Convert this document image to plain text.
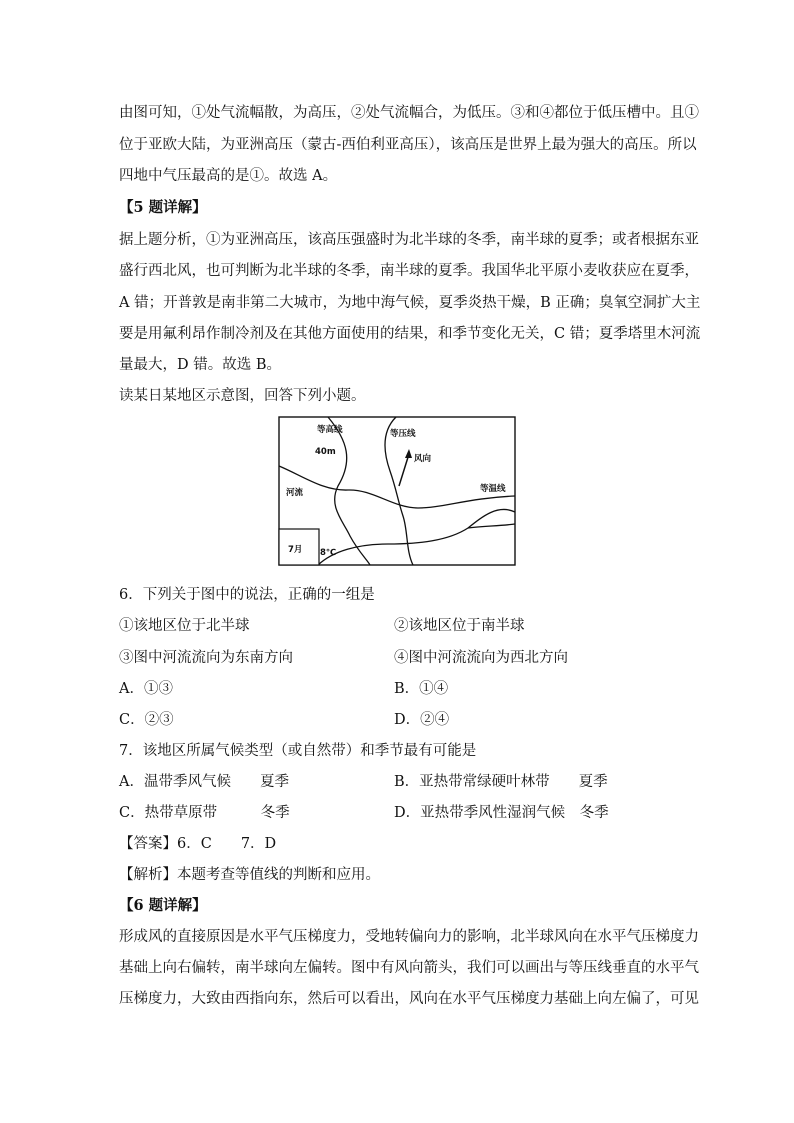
由图可知，①处气流幅散，为高压，②处气流幅合，为低压。③和④都位于低压槽中。且①
位于亚欧大陆，为亚洲高压（蒙古-西伯利亚高压），该高压是世界上最为强大的高压。所以
四地中气压最高的是①。故选 A。
【5 题详解】
据上题分析，①为亚洲高压，该高压强盛时为北半球的冬季，南半球的夏季；或者根据东亚
盛行西北风，也可判断为北半球的冬季，南半球的夏季。我国华北平原小麦收获应在夏季，
A 错；开普敦是南非第二大城市，为地中海气候，夏季炎热干燥，B 正确；臭氧空洞扩大主
要是用氟利昂作制冷剂及在其他方面使用的结果，和季节变化无关，C 错；夏季塔里木河流
量最大，D 错。故选 B。
读某日某地区示意图，回答下列小题。
等高线
40m
等压线
风向
等温线
河流
7月 8℃
6．下列关于图中的说法，正确的一组是
①该地区位于北半球	②该地区位于南半球
③图中河流流向为东南方向	④图中河流流向为西北方向
A．①③	B．①④
C．②③	D．②④
7．该地区所属气候类型（或自然带）和季节最有可能是
A．温带季风气候　　夏季	B．亚热带常绿硬叶林带　　夏季
C．热带草原带　　　冬季	D．亚热带季风性湿润气候　冬季
【答案】6．C　　7．D
【解析】本题考查等值线的判断和应用。
【6 题详解】
形成风的直接原因是水平气压梯度力，受地转偏向力的影响，北半球风向在水平气压梯度力
基础上向右偏转，南半球向左偏转。图中有风向箭头，我们可以画出与等压线垂直的水平气
压梯度力，大致由西指向东，然后可以看出，风向在水平气压梯度力基础上向左偏了，可见
